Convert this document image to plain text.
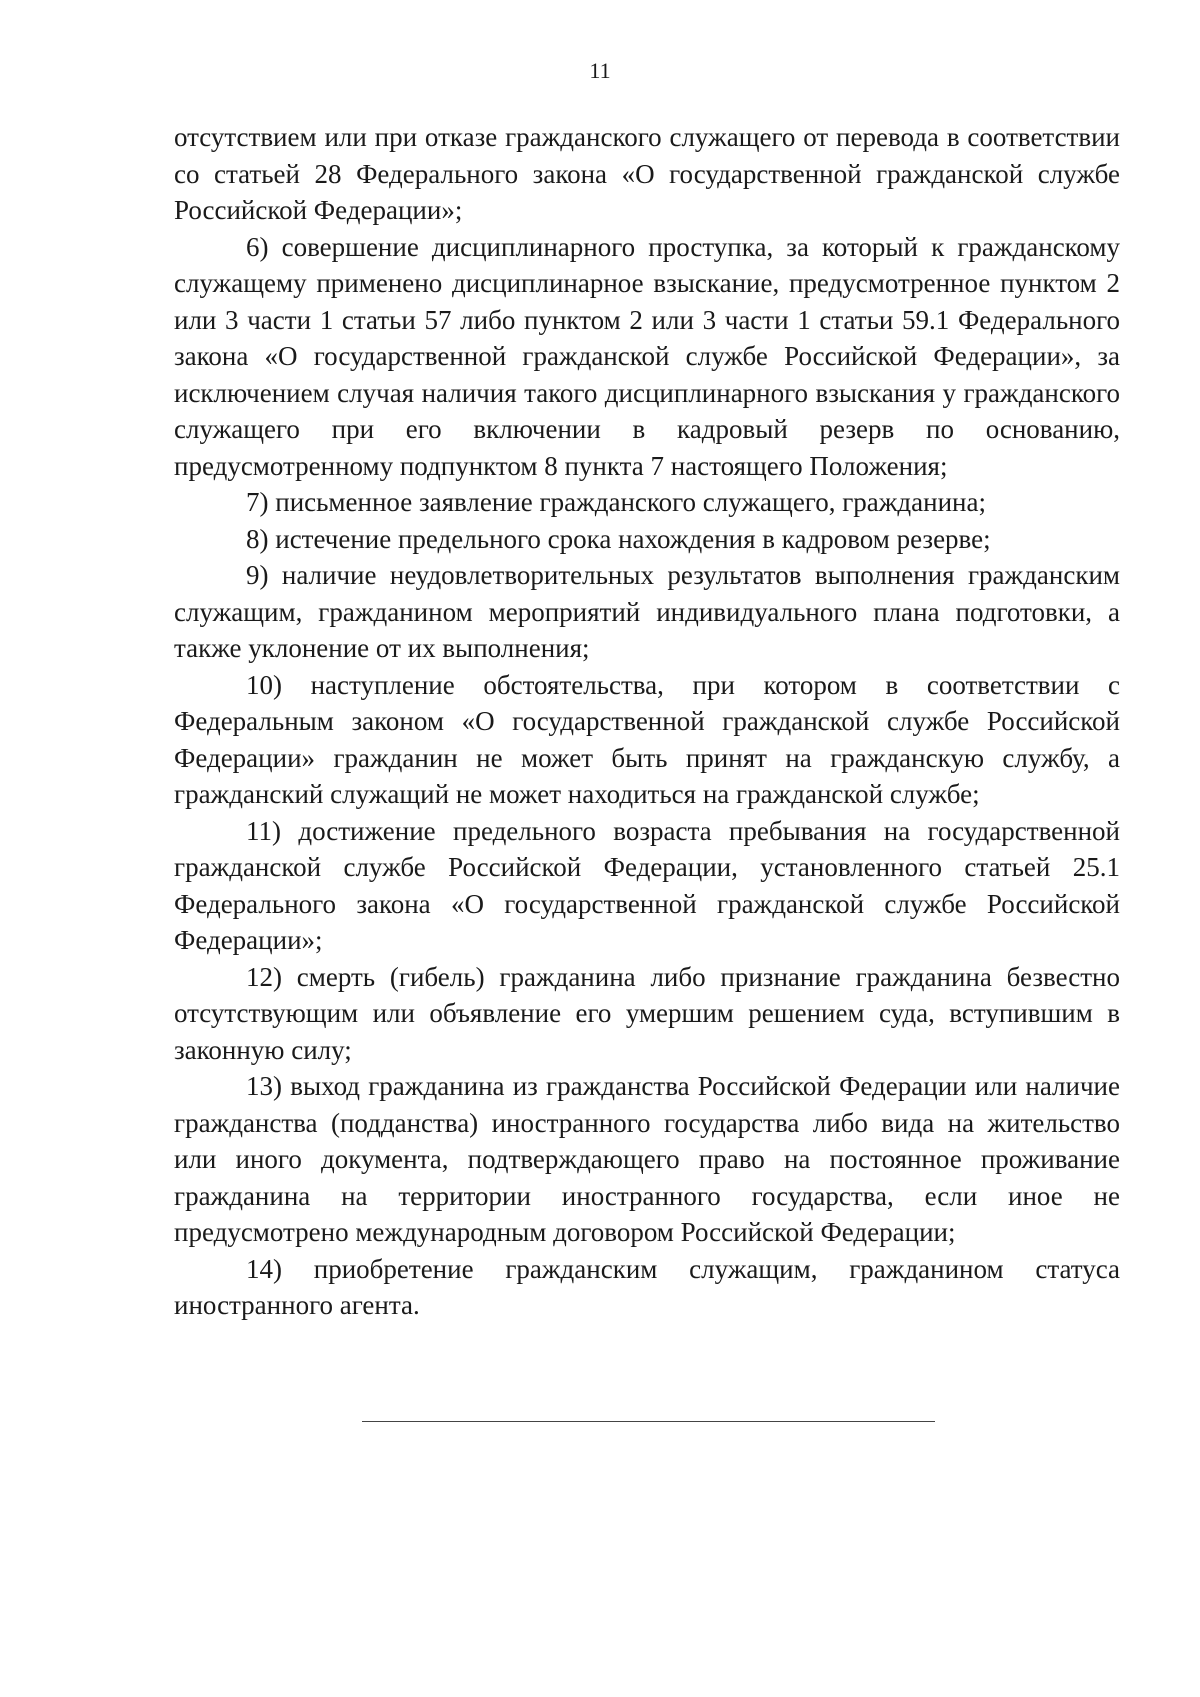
11

отсутствием или при отказе гражданского служащего от перевода в соответствии со статьей 28 Федерального закона «О государственной гражданской службе Российской Федерации»;

6) совершение дисциплинарного проступка, за который к гражданскому служащему применено дисциплинарное взыскание, предусмотренное пунктом 2 или 3 части 1 статьи 57 либо пунктом 2 или 3 части 1 статьи 59.1 Федерального закона «О государственной гражданской службе Российской Федерации», за исключением случая наличия такого дисциплинарного взыскания у гражданского служащего при его включении в кадровый резерв по основанию, предусмотренному подпунктом 8 пункта 7 настоящего Положения;

7) письменное заявление гражданского служащего, гражданина;

8) истечение предельного срока нахождения в кадровом резерве;

9) наличие неудовлетворительных результатов выполнения гражданским служащим, гражданином мероприятий индивидуального плана подготовки, а также уклонение от их выполнения;

10) наступление обстоятельства, при котором в соответствии с Федеральным законом «О государственной гражданской службе Российской Федерации» гражданин не может быть принят на гражданскую службу, а гражданский служащий не может находиться на гражданской службе;

11) достижение предельного возраста пребывания на государственной гражданской службе Российской Федерации, установленного статьей 25.1 Федерального закона «О государственной гражданской службе Российской Федерации»;

12) смерть (гибель) гражданина либо признание гражданина безвестно отсутствующим или объявление его умершим решением суда, вступившим в законную силу;

13) выход гражданина из гражданства Российской Федерации или наличие гражданства (подданства) иностранного государства либо вида на жительство или иного документа, подтверждающего право на постоянное проживание гражданина на территории иностранного государства, если иное не предусмотрено международным договором Российской Федерации;

14) приобретение гражданским служащим, гражданином статуса иностранного агента.
